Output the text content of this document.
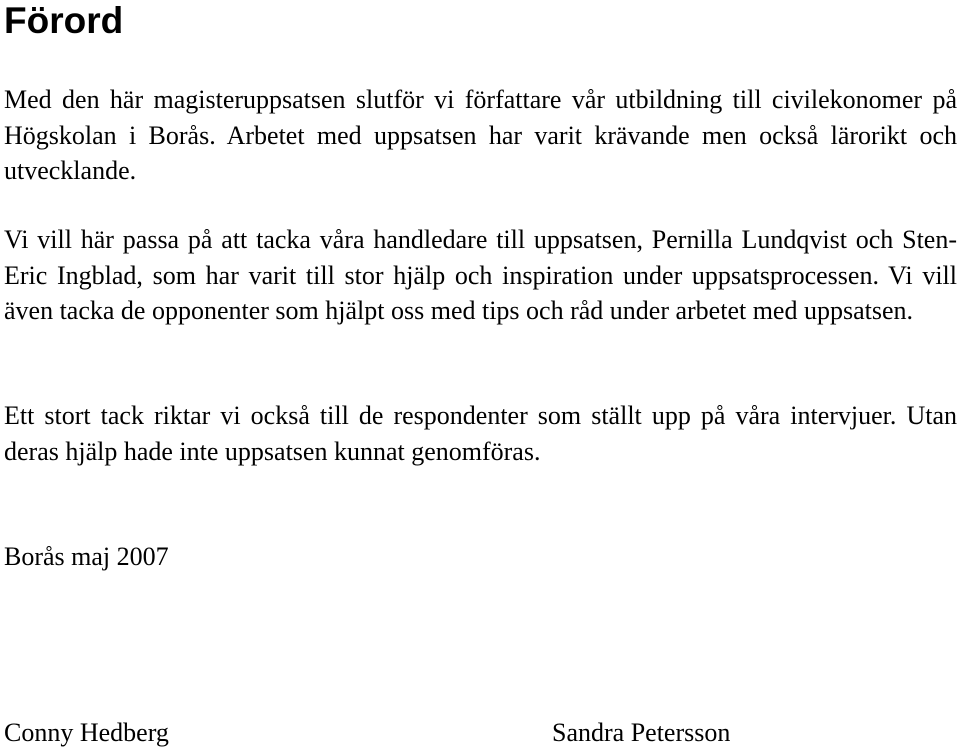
Förord

Med den här magisteruppsatsen slutför vi författare vår utbildning till civilekonomer på Högskolan i Borås. Arbetet med uppsatsen har varit krävande men också lärorikt och utvecklande.

Vi vill här passa på att tacka våra handledare till uppsatsen, Pernilla Lundqvist och Sten-Eric Ingblad, som har varit till stor hjälp och inspiration under uppsatsprocessen. Vi vill även tacka de opponenter som hjälpt oss med tips och råd under arbetet med uppsatsen.

Ett stort tack riktar vi också till de respondenter som ställt upp på våra intervjuer. Utan deras hjälp hade inte uppsatsen kunnat genomföras.

Borås maj 2007

Conny Hedberg	Sandra Petersson
